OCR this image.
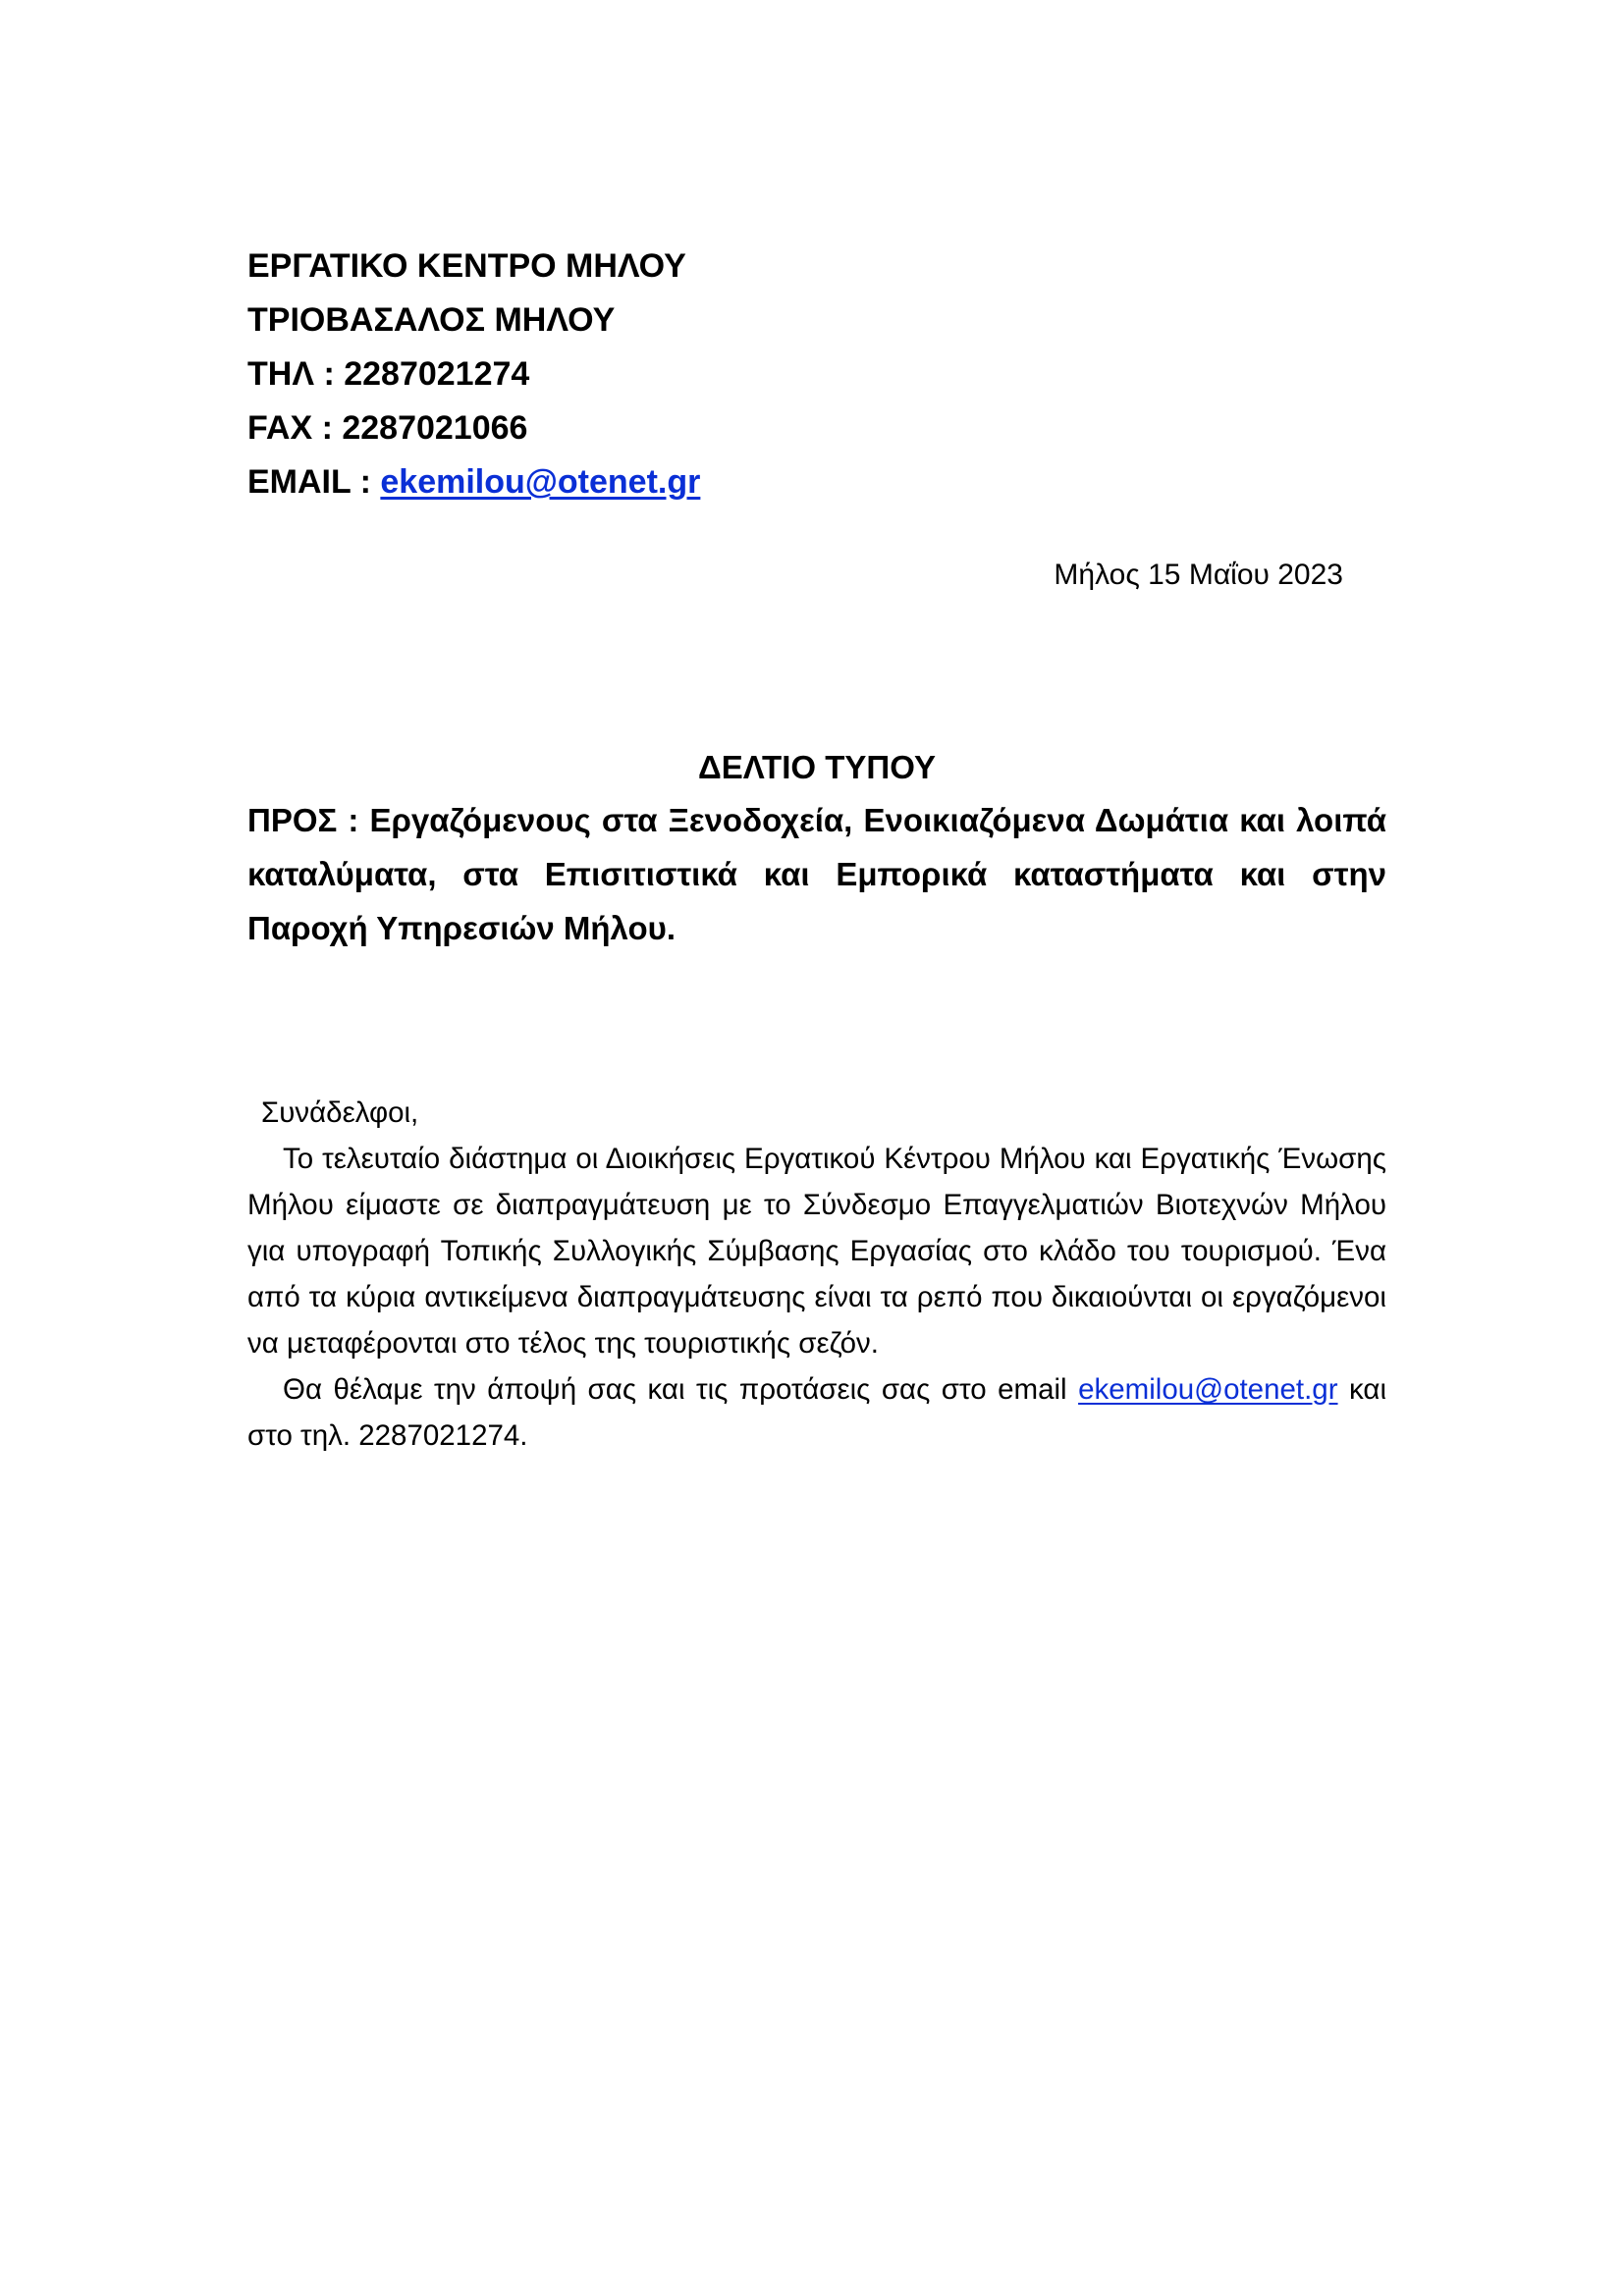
ΕΡΓΑΤΙΚΟ ΚΕΝΤΡΟ ΜΗΛΟΥ
ΤΡΙΟΒΑΣΑΛΟΣ ΜΗΛΟΥ
ΤΗΛ : 2287021274
FAX : 2287021066
EMAIL : ekemilou@otenet.gr
Μήλος 15 Μαΐου 2023
ΔΕΛΤΙΟ ΤΥΠΟΥ
ΠΡΟΣ : Εργαζόμενους στα Ξενοδοχεία, Ενοικιαζόμενα Δωμάτια και λοιπά καταλύματα, στα Επισιτιστικά και Εμπορικά καταστήματα και στην Παροχή Υπηρεσιών Μήλου.

Συνάδελφοι,

Το τελευταίο διάστημα οι Διοικήσεις Εργατικού Κέντρου Μήλου και Εργατικής Ένωσης Μήλου είμαστε σε διαπραγμάτευση με το Σύνδεσμο Επαγγελματιών Βιοτεχνών Μήλου για υπογραφή Τοπικής Συλλογικής Σύμβασης Εργασίας στο κλάδο του τουρισμού. Ένα από τα κύρια αντικείμενα διαπραγμάτευσης είναι τα ρεπό που δικαιούνται οι εργαζόμενοι να μεταφέρονται στο τέλος της τουριστικής σεζόν.

Θα θέλαμε την άποψή σας και τις προτάσεις σας στο email ekemilou@otenet.gr και στο τηλ. 2287021274.
